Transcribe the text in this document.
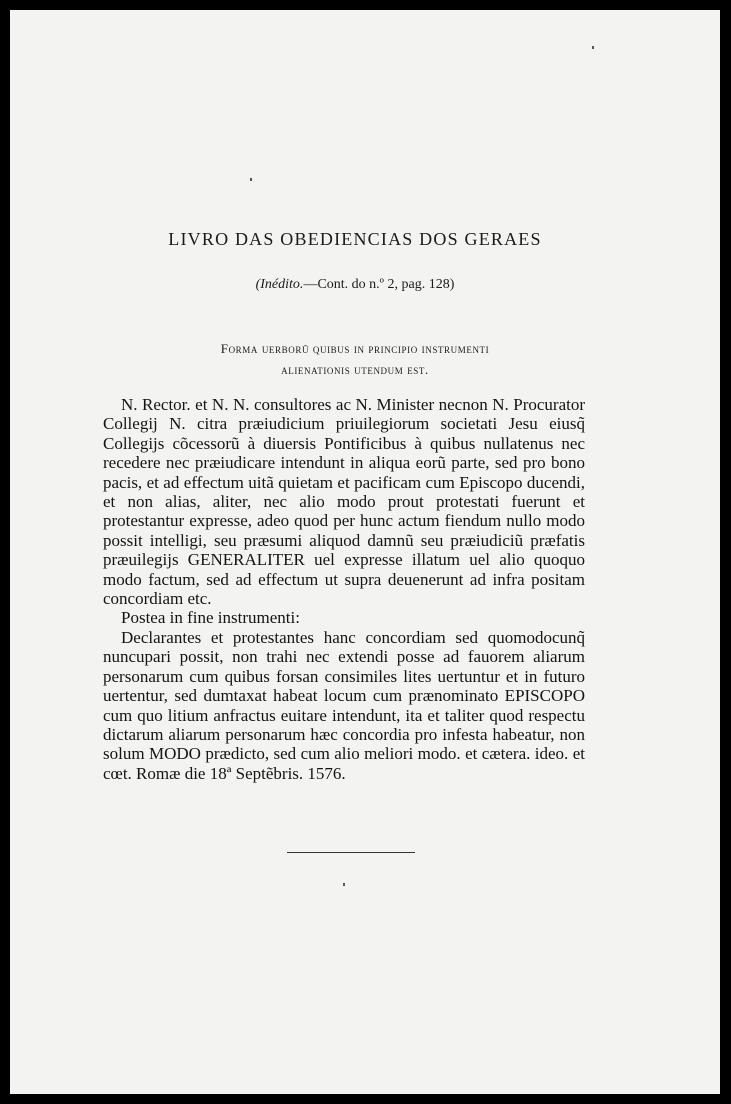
LIVRO DAS OBEDIENCIAS DOS GERAES
(Inédito.—Cont. do n.º 2, pag. 128)
Forma uerborũ quibus in principio instrumenti
alienationis utendum est.

N. Rector. et N. N. consultores ac N. Minister necnon N. Procurator Collegij N. citra præiudicium priuilegiorum societati Jesu eiusq̃ Collegijs cõcessorũ à diuersis Pontificibus à quibus nullatenus nec recedere nec præiudicare intendunt in aliqua eorũ parte, sed pro bono pacis, et ad effectum uitã quietam et pacificam cum Episcopo ducendi, et non alias, aliter, nec alio modo prout protestati fuerunt et protestantur expresse, adeo quod per hunc actum fiendum nullo modo possit intelligi, seu præsumi aliquod damnũ seu præiudiciũ præfatis præuilegijs GENERALITER uel expresse illatum uel alio quoquo modo factum, sed ad effectum ut supra deuenerunt ad infra positam concordiam etc.

Postea in fine instrumenti:

Declarantes et protestantes hanc concordiam sed quomodocunq̃ nuncupari possit, non trahi nec extendi posse ad fauorem aliarum personarum cum quibus forsan consimiles lites uertuntur et in futuro uertentur, sed dumtaxat habeat locum cum prænominato EPISCOPO cum quo litium anfractus euitare intendunt, ita et taliter quod respectu dictarum aliarum personarum hæc concordia pro infesta habeatur, non solum MODO prædicto, sed cum alio meliori modo. et cætera. ideo. et cœt. Romæ die 18ª Septẽbris. 1576.
